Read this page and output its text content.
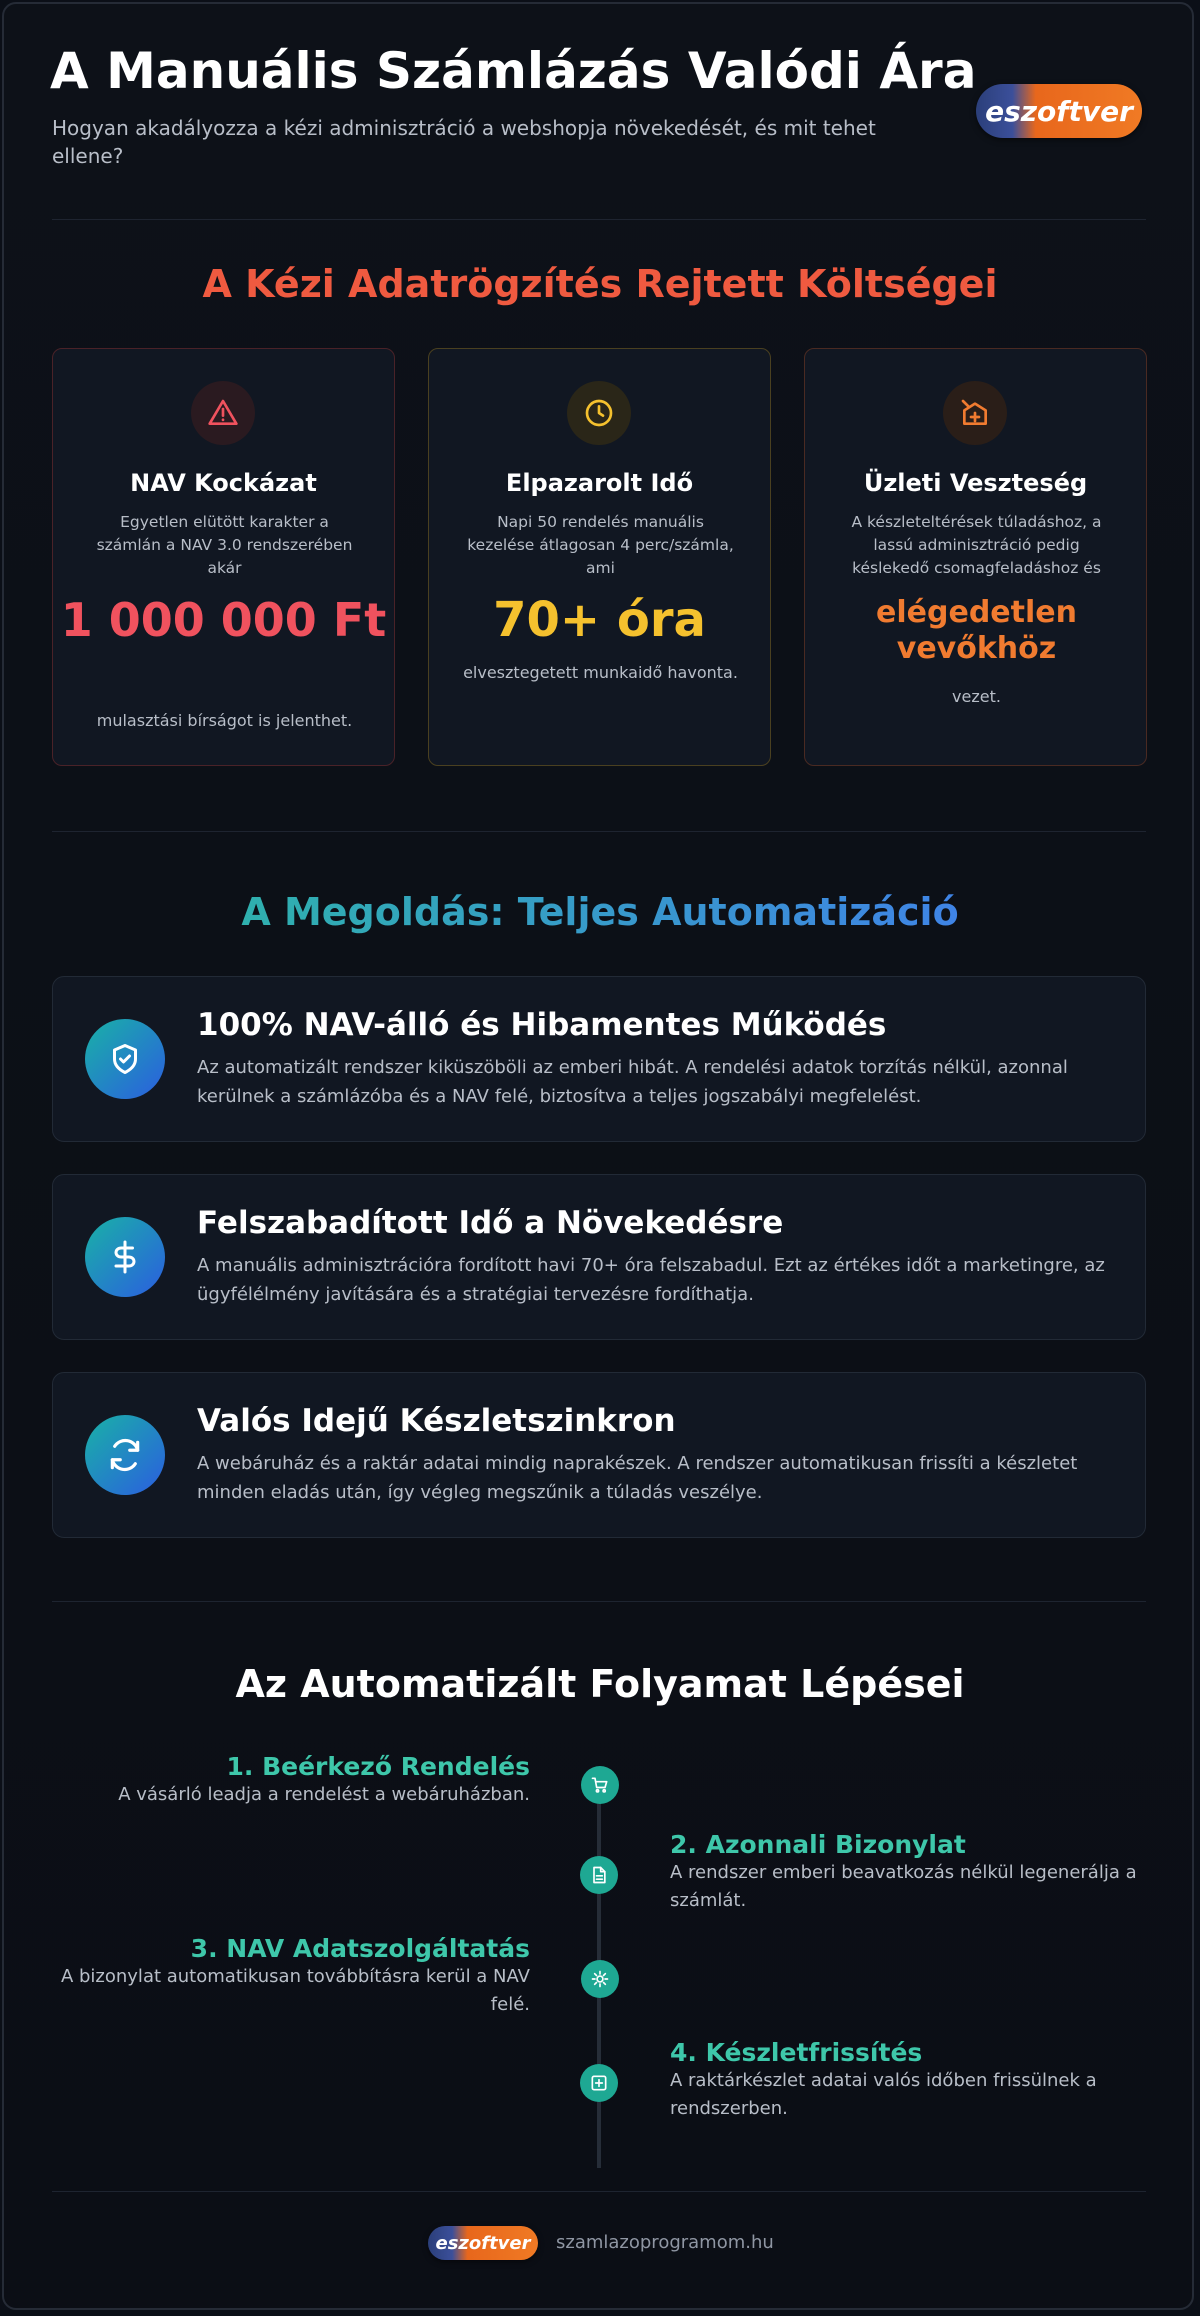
A Manuális Számlázás Valódi Ára
Hogyan akadályozza a kézi adminisztráció a webshopja növekedését, és mit tehet ellene?
eszoftver
A Kézi Adatrögzítés Rejtett Költségei
NAV Kockázat
Egyetlen elütött karakter a számlán a NAV 3.0 rendszerében akár
1 000 000 Ft
mulasztási bírságot is jelenthet.
Elpazarolt Idő
Napi 50 rendelés manuális kezelése átlagosan 4 perc/számla, ami
70+ óra
elvesztegetett munkaidő havonta.
Üzleti Veszteség
A készleteltérések túladáshoz, a lassú adminisztráció pedig késlekedő csomagfeladáshoz és
elégedetlen vevőkhöz
vezet.
A Megoldás: Teljes Automatizáció
100% NAV-álló és Hibamentes Működés

Az automatizált rendszer kiküszöböli az emberi hibát. A rendelési adatok torzítás nélkül, azonnal kerülnek a számlázóba és a NAV felé, biztosítva a teljes jogszabályi megfelelést.

Felszabadított Idő a Növekedésre

A manuális adminisztrációra fordított havi 70+ óra felszabadul. Ezt az értékes időt a marketingre, az ügyfélélmény javítására és a stratégiai tervezésre fordíthatja.

Valós Idejű Készletszinkron

A webáruház és a raktár adatai mindig naprakészek. A rendszer automatikusan frissíti a készletet minden eladás után, így végleg megszűnik a túladás veszélye.

Az Automatizált Folyamat Lépései
1. Beérkező Rendelés
A vásárló leadja a rendelést a webáruházban.
2. Azonnali Bizonylat
A rendszer emberi beavatkozás nélkül legenerálja a számlát.
3. NAV Adatszolgáltatás
A bizonylat automatikusan továbbításra kerül a NAV felé.
4. Készletfrissítés
A raktárkészlet adatai valós időben frissülnek a rendszerben.
eszoftver szamlazoprogramom.hu
